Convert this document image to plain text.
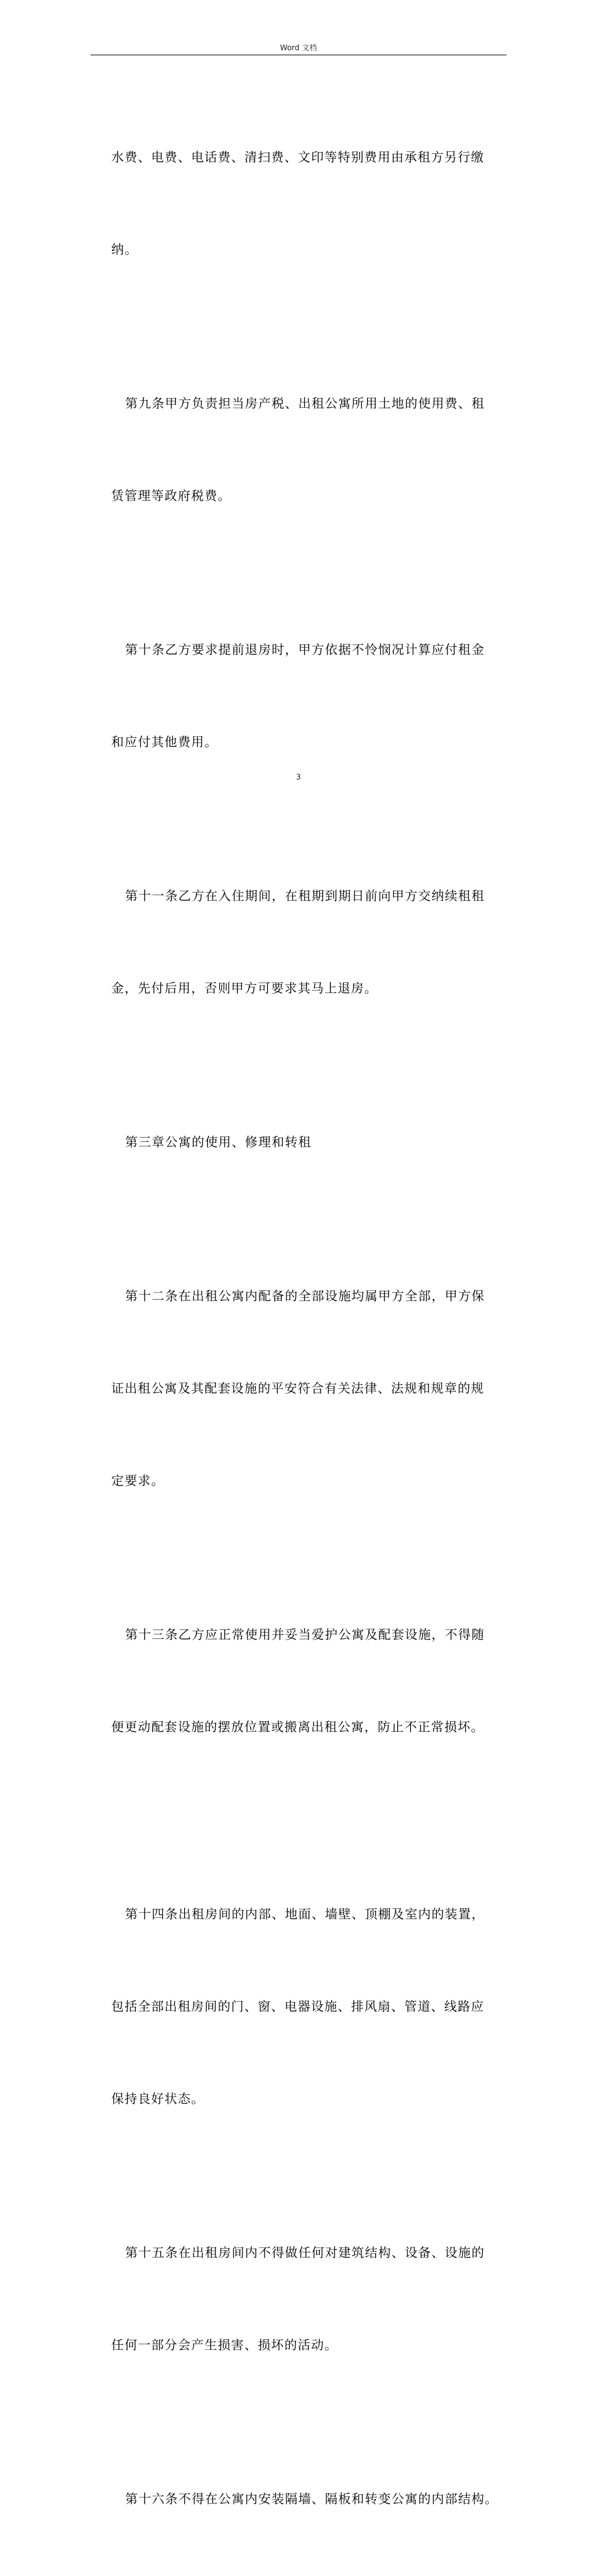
Word 文档

水费、电费、电话费、清扫费、文印等特别费用由承租方另行缴

纳。

第九条甲方负责担当房产税、出租公寓所用土地的使用费、租

赁管理等政府税费。

第十条乙方要求提前退房时，甲方依据不怜悯况计算应付租金

和应付其他费用。

第十一条乙方在入住期间，在租期到期日前向甲方交纳续租租

金，先付后用，否则甲方可要求其马上退房。

第三章公寓的使用、修理和转租

第十二条在出租公寓内配备的全部设施均属甲方全部，甲方保

证出租公寓及其配套设施的平安符合有关法律、法规和规章的规

定要求。

第十三条乙方应正常使用并妥当爱护公寓及配套设施，不得随

便更动配套设施的摆放位置或搬离出租公寓，防止不正常损坏。

第十四条出租房间的内部、地面、墙壁、顶棚及室内的装置，

包括全部出租房间的门、窗、电器设施、排风扇、管道、线路应

保持良好状态。

第十五条在出租房间内不得做任何对建筑结构、设备、设施的

任何一部分会产生损害、损坏的活动。

第十六条不得在公寓内安装隔墙、隔板和转变公寓的内部结构。

3
